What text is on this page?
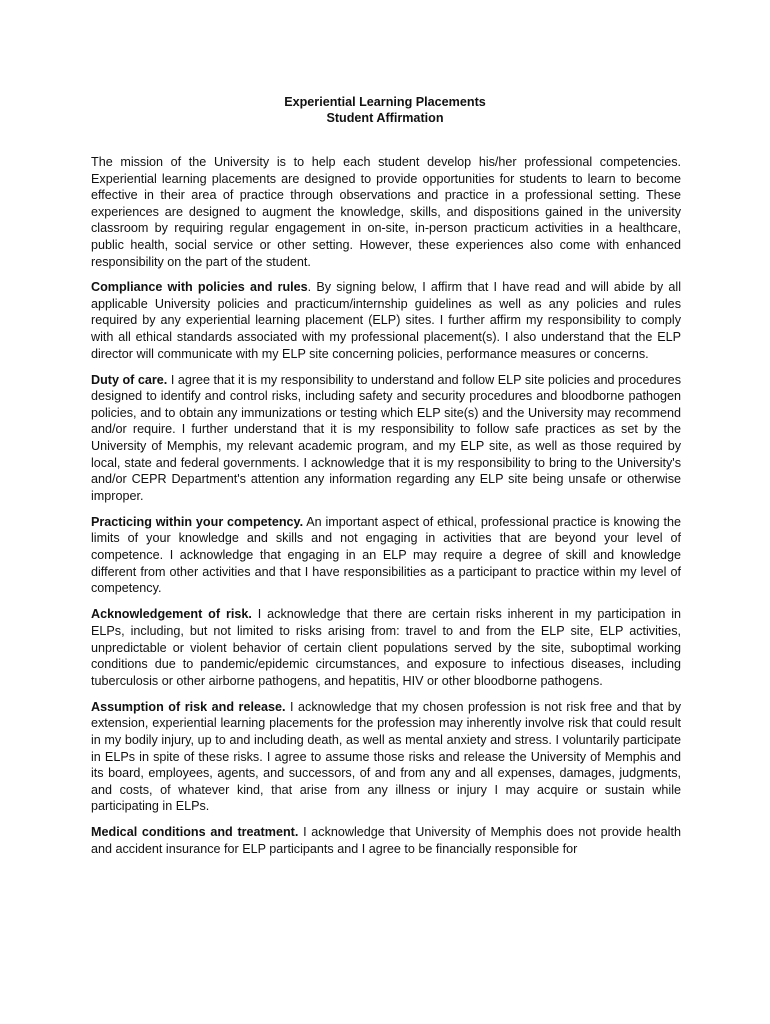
Experiential Learning Placements
Student Affirmation

The mission of the University is to help each student develop his/her professional competencies. Experiential learning placements are designed to provide opportunities for students to learn to become effective in their area of practice through observations and practice in a professional setting. These experiences are designed to augment the knowledge, skills, and dispositions gained in the university classroom by requiring regular engagement in on-site, in-person practicum activities in a healthcare, public health, social service or other setting. However, these experiences also come with enhanced responsibility on the part of the student.

Compliance with policies and rules. By signing below, I affirm that I have read and will abide by all applicable University policies and practicum/internship guidelines as well as any policies and rules required by any experiential learning placement (ELP) sites. I further affirm my responsibility to comply with all ethical standards associated with my professional placement(s). I also understand that the ELP director will communicate with my ELP site concerning policies, performance measures or concerns.

Duty of care. I agree that it is my responsibility to understand and follow ELP site policies and procedures designed to identify and control risks, including safety and security procedures and bloodborne pathogen policies, and to obtain any immunizations or testing which ELP site(s) and the University may recommend and/or require. I further understand that it is my responsibility to follow safe practices as set by the University of Memphis, my relevant academic program, and my ELP site, as well as those required by local, state and federal governments. I acknowledge that it is my responsibility to bring to the University's and/or CEPR Department's attention any information regarding any ELP site being unsafe or otherwise improper.

Practicing within your competency. An important aspect of ethical, professional practice is knowing the limits of your knowledge and skills and not engaging in activities that are beyond your level of competence. I acknowledge that engaging in an ELP may require a degree of skill and knowledge different from other activities and that I have responsibilities as a participant to practice within my level of competency.

Acknowledgement of risk. I acknowledge that there are certain risks inherent in my participation in ELPs, including, but not limited to risks arising from: travel to and from the ELP site, ELP activities, unpredictable or violent behavior of certain client populations served by the site, suboptimal working conditions due to pandemic/epidemic circumstances, and exposure to infectious diseases, including tuberculosis or other airborne pathogens, and hepatitis, HIV or other bloodborne pathogens.

Assumption of risk and release. I acknowledge that my chosen profession is not risk free and that by extension, experiential learning placements for the profession may inherently involve risk that could result in my bodily injury, up to and including death, as well as mental anxiety and stress. I voluntarily participate in ELPs in spite of these risks. I agree to assume those risks and release the University of Memphis and its board, employees, agents, and successors, of and from any and all expenses, damages, judgments, and costs, of whatever kind, that arise from any illness or injury I may acquire or sustain while participating in ELPs.

Medical conditions and treatment. I acknowledge that University of Memphis does not provide health and accident insurance for ELP participants and I agree to be financially responsible for
